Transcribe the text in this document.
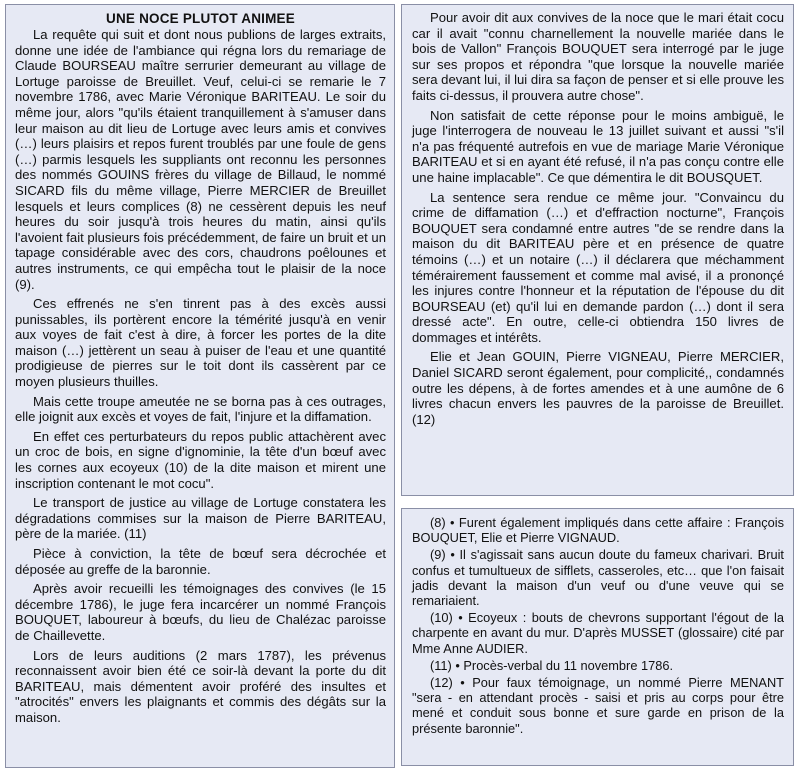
UNE NOCE PLUTOT ANIMEE

La requête qui suit et dont nous publions de larges extraits, donne une idée de l'ambiance qui régna lors du remariage de Claude BOURSEAU maître serrurier demeurant au village de Lortuge paroisse de Breuillet. Veuf, celui-ci se remarie le 7 novembre 1786, avec Marie Véronique BARITEAU. Le soir du même jour, alors "qu'ils étaient tranquillement à s'amuser dans leur maison au dit lieu de Lortuge avec leurs amis et convives (…) leurs plaisirs et repos furent troublés par une foule de gens (…) parmis lesquels les suppliants ont reconnu les personnes des nommés GOUINS frères du village de Billaud, le nommé SICARD fils du même village, Pierre MERCIER de Breuillet lesquels et leurs complices (8) ne cessèrent depuis les neuf heures du soir jusqu'à trois heures du matin, ainsi qu'ils l'avoient fait plusieurs fois précédemment, de faire un bruit et un tapage considérable avec des cors, chaudrons poêlounes et autres instruments, ce qui empêcha tout le plaisir de la noce (9).

Ces effrenés ne s'en tinrent pas à des excès aussi punissables, ils portèrent encore la témérité jusqu'à en venir aux voyes de fait c'est à dire, à forcer les portes de la dite maison (…) jettèrent un seau à puiser de l'eau et une quantité prodigieuse de pierres sur le toit dont ils cassèrent par ce moyen plusieurs thuilles.

Mais cette troupe ameutée ne se borna pas à ces outrages, elle joignit aux excès et voyes de fait, l'injure et la diffamation.

En effet ces perturbateurs du repos public attachèrent avec un croc de bois, en signe d'ignominie, la tête d'un bœuf avec les cornes aux ecoyeux (10) de la dite maison et mirent une inscription contenant le mot cocu".

Le transport de justice au village de Lortuge constatera les dégradations commises sur la maison de Pierre BARITEAU, père de la mariée. (11)

Pièce à conviction, la tête de bœuf sera décrochée et déposée au greffe de la baronnie.

Après avoir recueilli les témoignages des convives (le 15 décembre 1786), le juge fera incarcérer un nommé François BOUQUET, laboureur à bœufs, du lieu de Chalézac paroisse de Chaillevette.

Lors de leurs auditions (2 mars 1787), les prévenus reconnaissent avoir bien été ce soir-là devant la porte du dit BARITEAU, mais démentent avoir proféré des insultes et "atrocités" envers les plaignants et commis des dégâts sur la maison.

Pour avoir dit aux convives de la noce que le mari était cocu car il avait "connu charnellement la nouvelle mariée dans le bois de Vallon" François BOUQUET sera interrogé par le juge sur ses propos et répondra "que lorsque la nouvelle mariée sera devant lui, il lui dira sa façon de penser et si elle prouve les faits ci-dessus, il prouvera autre chose".

Non satisfait de cette réponse pour le moins ambiguë, le juge l'interrogera de nouveau le 13 juillet suivant et aussi "s'il n'a pas fréquenté autrefois en vue de mariage Marie Véronique BARITEAU et si en ayant été refusé, il n'a pas conçu contre elle une haine implacable". Ce que démentira le dit BOUSQUET.

La sentence sera rendue ce même jour. "Convaincu du crime de diffamation (…) et d'effraction nocturne", François BOUQUET sera condamné entre autres "de se rendre dans la maison du dit BARITEAU père et en présence de quatre témoins (…) et un notaire (…) il déclarera que méchamment témérairement faussement et comme mal avisé, il a prononçé les injures contre l'honneur et la réputation de l'épouse du dit BOURSEAU (et) qu'il lui en demande pardon (…) dont il sera dressé acte". En outre, celle-ci obtiendra 150 livres de dommages et intérêts.

Elie et Jean GOUIN, Pierre VIGNEAU, Pierre MERCIER, Daniel SICARD seront également, pour complicité,, condamnés outre les dépens, à de fortes amendes et à une aumône de 6 livres chacun envers les pauvres de la paroisse de Breuillet. (12)

(8) • Furent également impliqués dans cette affaire : François BOUQUET, Elie et Pierre VIGNAUD.

(9) • Il s'agissait sans aucun doute du fameux charivari. Bruit confus et tumultueux de sifflets, casseroles, etc… que l'on faisait jadis devant la maison d'un veuf ou d'une veuve qui se remariaient.

(10) • Ecoyeux : bouts de chevrons supportant l'égout de la charpente en avant du mur. D'après MUSSET (glossaire) cité par Mme Anne AUDIER.

(11) • Procès-verbal du 11 novembre 1786.

(12) • Pour faux témoignage, un nommé Pierre MENANT "sera - en attendant procès - saisi et pris au corps pour être mené et conduit sous bonne et sure garde en prison de la présente baronnie".
